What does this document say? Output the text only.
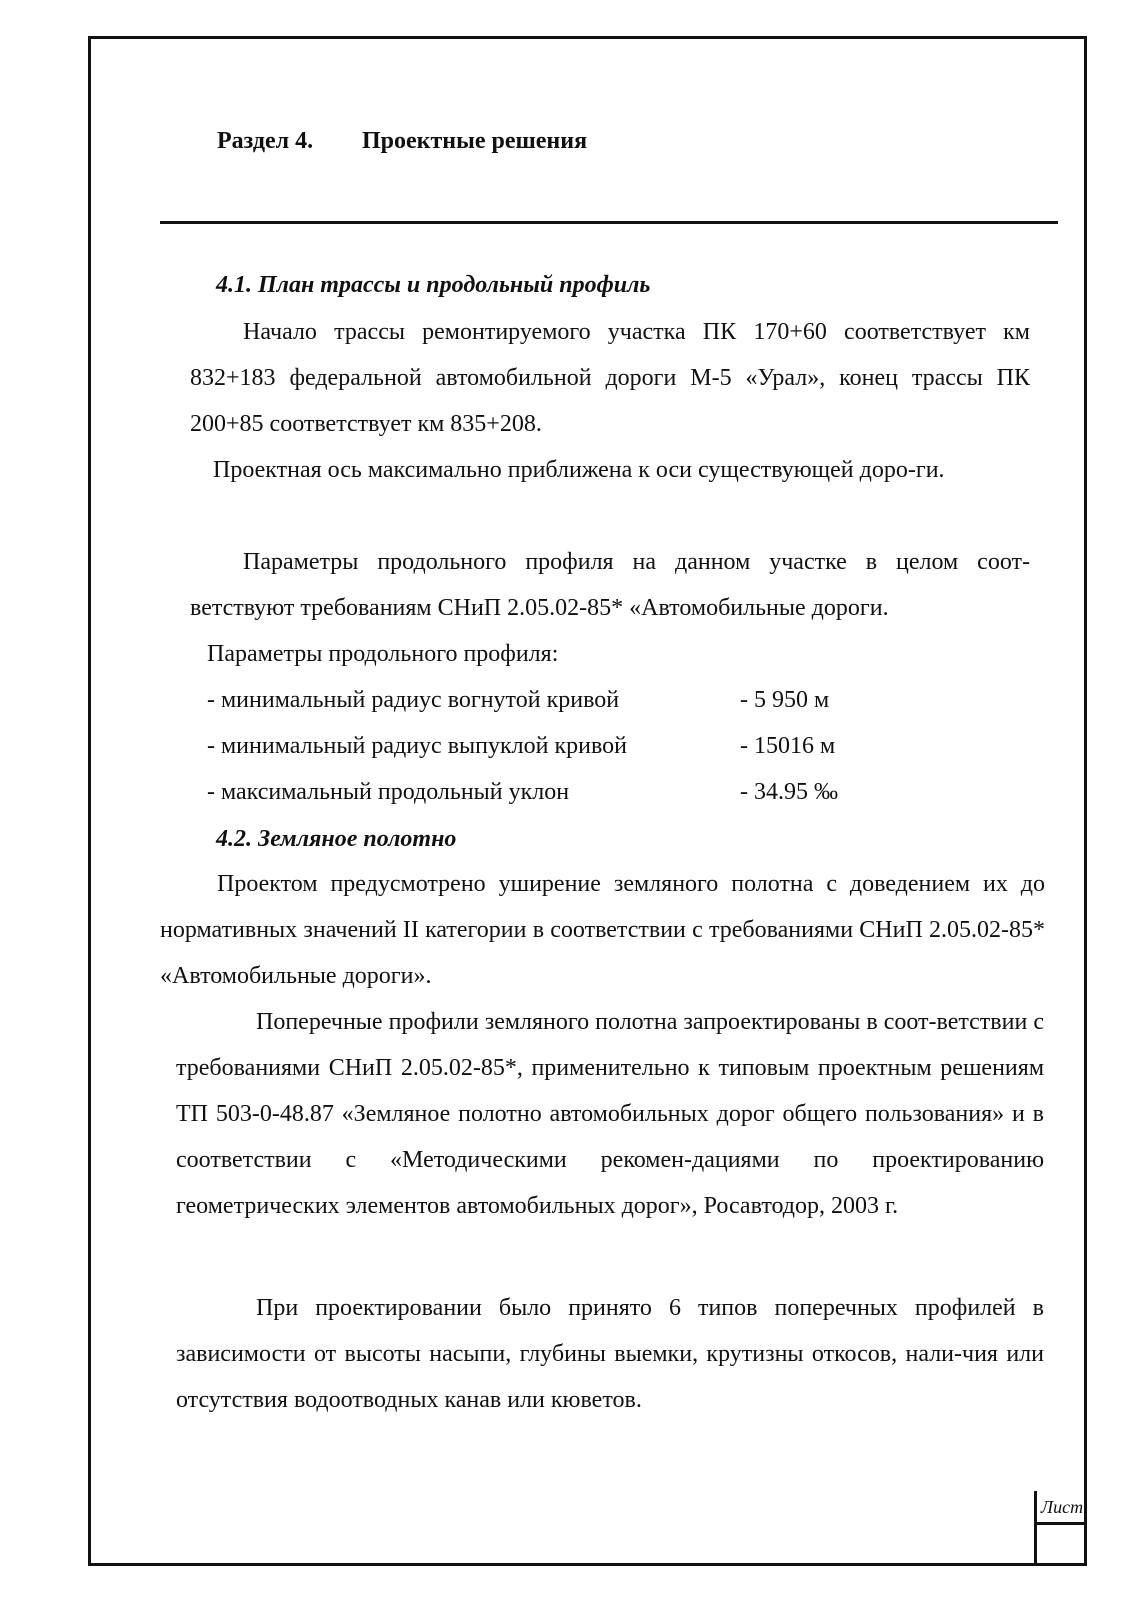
Раздел 4. Проектные решения
4.1. План трассы и продольный профиль

Начало трассы ремонтируемого участка ПК 170+60 соответствует км 832+183 федеральной автомобильной дороги М-5 «Урал», конец трассы ПК 200+85 соответствует км 835+208.

Проектная ось максимально приближена к оси существующей доро-ги.

Параметры продольного профиля на данном участке в целом соот-ветствуют требованиям СНиП 2.05.02-85* «Автомобильные дороги.

Параметры продольного профиля:
- минимальный радиус вогнутой кривой	- 5 950 м
- минимальный радиус выпуклой кривой	- 15016 м
- максимальный продольный уклон	- 34.95 ‰
4.2. Земляное полотно

Проектом предусмотрено уширение земляного полотна с доведением их до нормативных значений II категории в соответствии с требованиями СНиП 2.05.02-85* «Автомобильные дороги».

Поперечные профили земляного полотна запроектированы в соот-ветствии с требованиями СНиП 2.05.02-85*, применительно к типовым проектным решениям ТП 503-0-48.87 «Земляное полотно автомобильных дорог общего пользования» и в соответствии с «Методическими рекомен-дациями по проектированию геометрических элементов автомобильных дорог», Росавтодор, 2003 г.

При проектировании было принято 6 типов поперечных профилей в зависимости от высоты насыпи, глубины выемки, крутизны откосов, нали-чия или отсутствия водоотводных канав или кюветов.

Лист
